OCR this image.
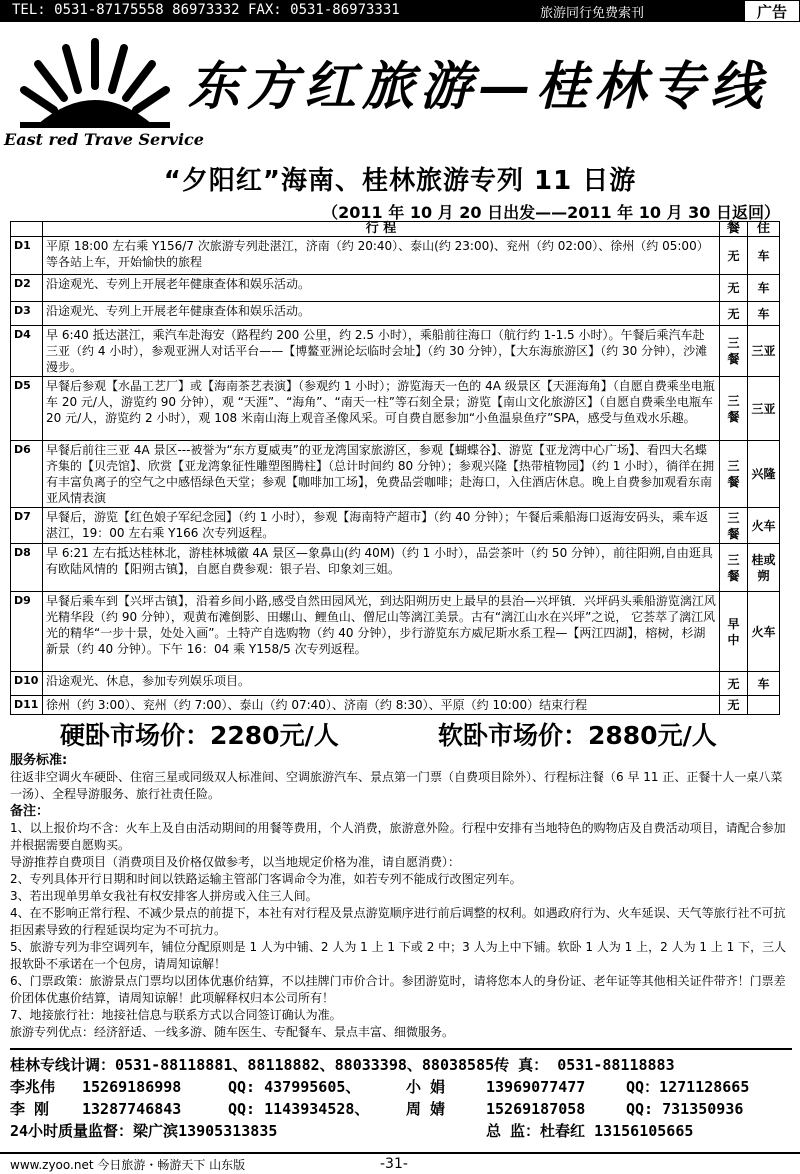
TEL: 0531-87175558 86973332 FAX: 0531-86973331	旅游同行免费索刊	广告
东方红旅游—桂林专线
East red Trave Service
“夕阳红”海南、桂林旅游专列 11 日游
（2011 年 10 月 20 日出发——2011 年 10 月 30 日返回）
	行 程	餐	住
D1	平原 18:00 左右乘 Y156/7 次旅游专列赴湛江，济南（约 20:40）、泰山(约 23:00)、兖州（约 02:00）、徐州（约 05:00）等各站上车，开始愉快的旅程	无	车
D2	沿途观光、专列上开展老年健康查体和娱乐活动。	无	车
D3	沿途观光、专列上开展老年健康查体和娱乐活动。	无	车
D4	早 6:40 抵达湛江，乘汽车赴海安（路程约 200 公里，约 2.5 小时），乘船前往海口（航行约 1-1.5 小时）。午餐后乘汽车赴三亚（约 4 小时），参观亚洲人对话平台——【博鳌亚洲论坛临时会址】（约 30 分钟），【大东海旅游区】（约 30 分钟），沙滩漫步。	三餐	三亚
D5	早餐后参观【水晶工艺厂】或【海南茶艺表演】（参观约 1 小时）；游览海天一色的 4A 级景区【天涯海角】（自愿自费乘坐电瓶车 20 元/人，游览约 90 分钟），观 “天涯”、“海角”、“南天一柱”等石刻全景；游览【南山文化旅游区】（自愿自费乘坐电瓶车 20 元/人，游览约 2 小时），观 108 米南山海上观音圣像风采。可自费自愿参加“小鱼温泉鱼疗”SPA，感受与鱼戏水乐趣。	三餐	三亚
D6	早餐后前往三亚 4A 景区---被誉为“东方夏威夷”的亚龙湾国家旅游区，参观【蝴蝶谷】、游览【亚龙湾中心广场】、看四大名蝶齐集的【贝壳馆】、欣赏【亚龙湾象征性雕塑图腾柱】（总计时间约 80 分钟）；参观兴隆【热带植物园】（约 1 小时），徜徉在拥有丰富负离子的空气之中感悟绿色天堂；参观【咖啡加工场】，免费品尝咖啡；赴海口，入住酒店休息。晚上自费参加观看东南亚风情表演	三餐	兴隆
D7	早餐后，游览【红色娘子军纪念园】（约 1 小时），参观【海南特产超市】（约 40 分钟）；午餐后乘船海口返海安码头，乘车返湛江，19：00 左右乘 Y166 次专列返程。	三餐	火车
D8	早 6:21 左右抵达桂林北，游桂林城徽 4A 景区—象鼻山(约 40M)（约 1 小时），品尝茶叶（约 50 分钟），前往阳朔,自由逛具有欧陆风情的【阳朔古镇】，自愿自费参观：银子岩、印象刘三姐。	三餐	桂或朔
D9	早餐后乘车到【兴坪古镇】，沿着乡间小路,感受自然田园风光，到达阳朔历史上最早的县治—兴坪镇．兴坪码头乘船游览漓江风光精华段（约 90 分钟），观黄布滩倒影、田螺山、鲤鱼山、僧尼山等漓江美景。古有“漓江山水在兴坪”之说， 它荟萃了漓江风光的精华“一步十景，处处入画”。土特产自选购物（约 40 分钟），步行游览东方威尼斯水系工程—【两江四湖】，榕树，杉湖新景（约 40 分钟）。下午 16：04 乘 Y158/5 次专列返程。	早中	火车
D10	沿途观光、休息，参加专列娱乐项目。	无	车
D11	徐州（约 3:00）、兖州（约 7:00）、泰山（约 07:40）、济南（约 8:30）、平原（约 10:00）结束行程	无	
硬卧市场价：2280元/人	软卧市场价：2880元/人

服务标准:

往返非空调火车硬卧、住宿三星或同级双人标准间、空调旅游汽车、景点第一门票（自费项目除外）、行程标注餐（6 早 11 正、正餐十人一桌八菜一汤）、全程导游服务、旅行社责任险。

备注：

1、以上报价均不含：火车上及自由活动期间的用餐等费用，个人消费，旅游意外险。行程中安排有当地特色的购物店及自费活动项目，请配合参加并根据需要自愿购买。

导游推荐自费项目（消费项目及价格仅做参考，以当地规定价格为准，请自愿消费）：

2、专列具体开行日期和时间以铁路运输主管部门客调命令为准，如若专列不能成行改图定列车。

3、若出现单男单女我社有权安排客人拼房或入住三人间。

4、在不影响正常行程、不减少景点的前提下，本社有对行程及景点游览顺序进行前后调整的权利。如遇政府行为、火车延误、天气等旅行社不可抗拒因素导致的行程延误均定为不可抗力。

5、旅游专列为非空调列车，铺位分配原则是 1 人为中铺、2 人为 1 上 1 下或 2 中；3 人为上中下铺。软卧 1 人为 1 上，2 人为 1 上 1 下，三人报软卧不承诺在一个包房，请周知谅解！

6、门票政策：旅游景点门票均以团体优惠价结算，不以挂牌门市价合计。参团游览时，请将您本人的身份证、老年证等其他相关证件带齐！门票差价团体优惠价结算，请周知谅解！此项解释权归本公司所有！

7、地接旅行社：地接社信息与联系方式以合同签订确认为准。

旅游专列优点：经济舒适、一线多游、随车医生、专配餐车、景点丰富、细微服务。

桂林专线计调：0531-88118881、88118882、88033398、88038585传 真： 0531-88118883
李兆伟 15269186998	QQ: 437995605、	小 娟	13969077477	QQ：1271128665
李 刚 13287746843	QQ: 1143934528、 周 婧	15269187058	QQ: 731350936
24小时质量监督：梁广滨13905313835	总 监：杜春红 13156105665
www.zyoo.net 今日旅游・畅游天下 山东版	-31-
